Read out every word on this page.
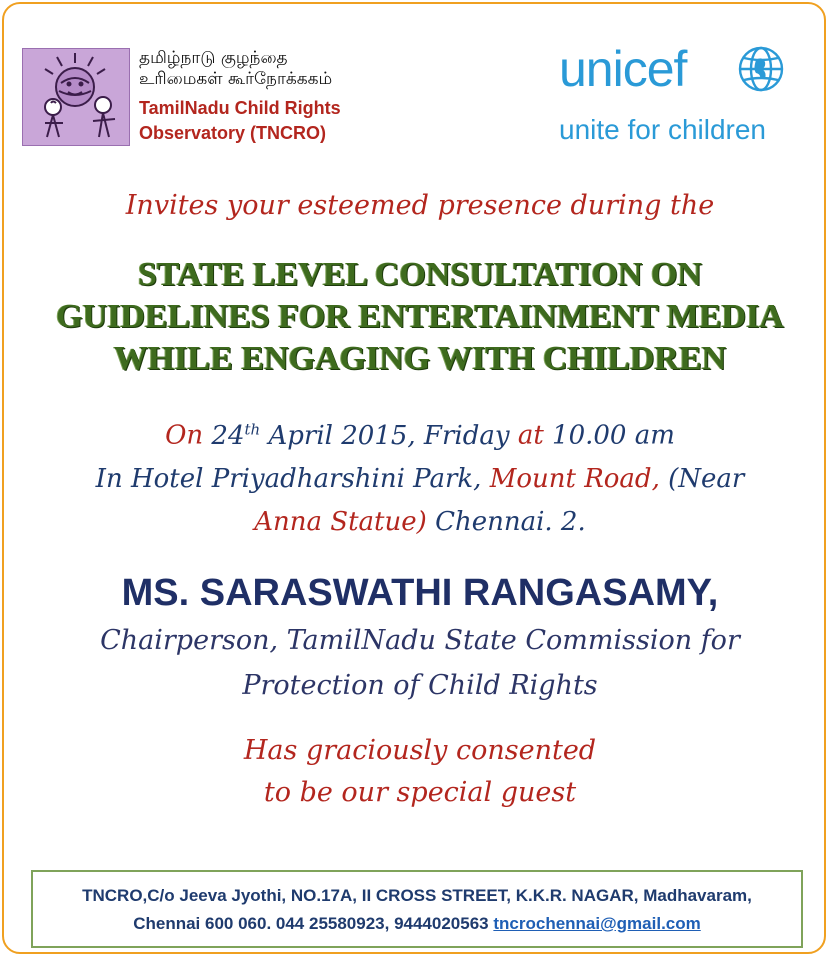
தமிழ்நாடு குழந்தை
உரிமைகள் கூர்நோக்ககம்
TamilNadu Child Rights
Observatory (TNCRO)
unicef
unite for children
Invites your esteemed presence during the
STATE LEVEL CONSULTATION ON
GUIDELINES FOR ENTERTAINMENT MEDIA
WHILE ENGAGING WITH CHILDREN
On 24th April 2015, Friday at 10.00 am
In Hotel Priyadharshini Park, Mount Road, (Near
Anna Statue) Chennai. 2.
MS. SARASWATHI RANGASAMY,
Chairperson, TamilNadu State Commission for
Protection of Child Rights
Has graciously consented
to be our special guest
TNCRO,C/o Jeeva Jyothi, NO.17A, II CROSS STREET, K.K.R. NAGAR, Madhavaram,
Chennai 600 060. 044 25580923, 9444020563 tncrochennai@gmail.com
